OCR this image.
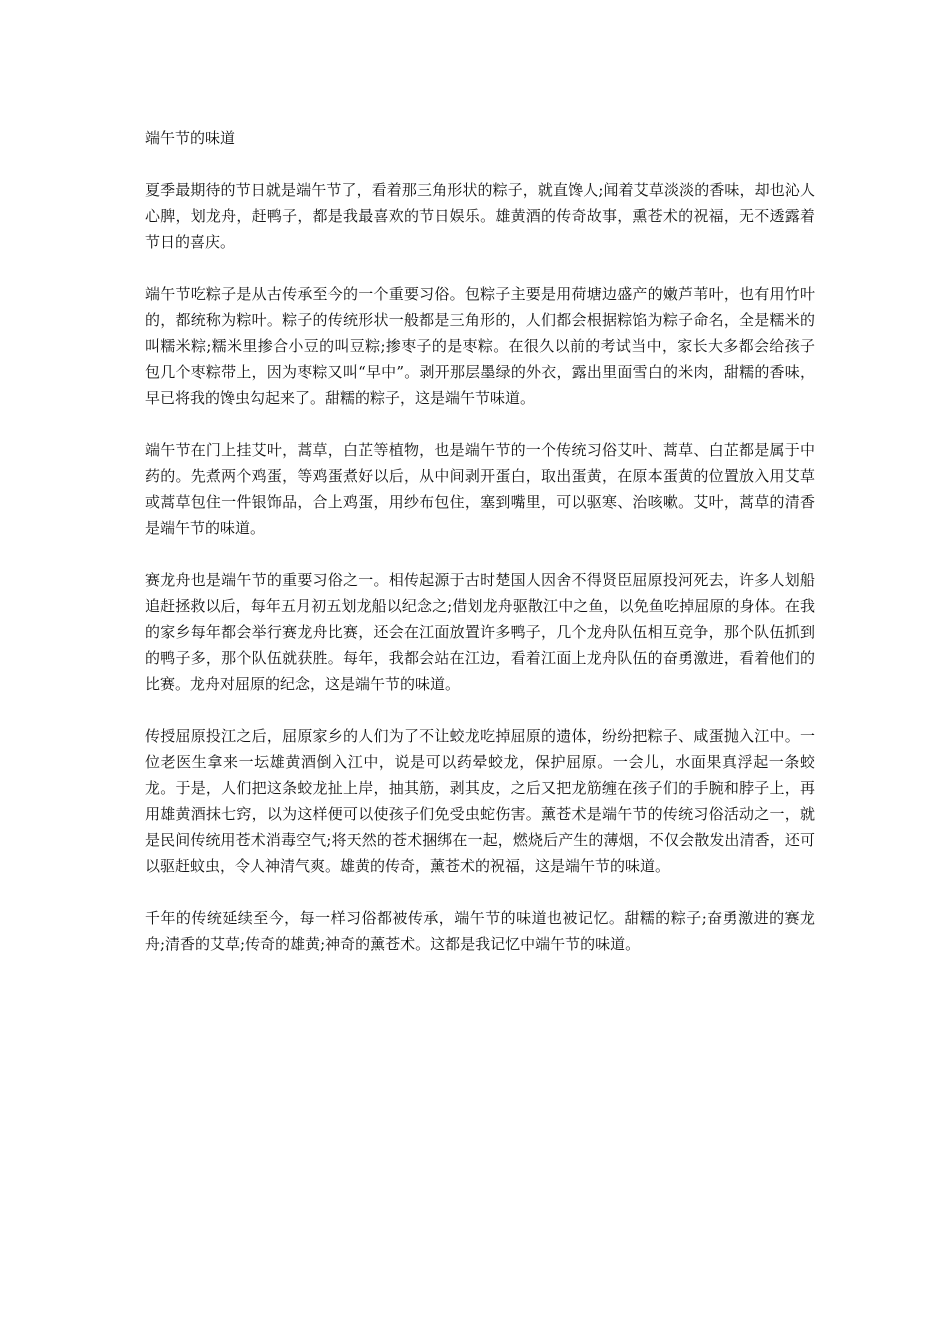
端午节的味道

夏季最期待的节日就是端午节了，看着那三角形状的粽子，就直馋人;闻着艾草淡淡的香味，却也沁人心脾，划龙舟，赶鸭子，都是我最喜欢的节日娱乐。雄黄酒的传奇故事，熏苍术的祝福，无不透露着节日的喜庆。

端午节吃粽子是从古传承至今的一个重要习俗。包粽子主要是用荷塘边盛产的嫩芦苇叶，也有用竹叶的，都统称为粽叶。粽子的传统形状一般都是三角形的，人们都会根据粽馅为粽子命名，全是糯米的叫糯米粽;糯米里掺合小豆的叫豆粽;掺枣子的是枣粽。在很久以前的考试当中，家长大多都会给孩子包几个枣粽带上，因为枣粽又叫“早中”。剥开那层墨绿的外衣，露出里面雪白的米肉，甜糯的香味，早已将我的馋虫勾起来了。甜糯的粽子，这是端午节味道。

端午节在门上挂艾叶，蒿草，白芷等植物，也是端午节的一个传统习俗艾叶、蒿草、白芷都是属于中药的。先煮两个鸡蛋，等鸡蛋煮好以后，从中间剥开蛋白，取出蛋黄，在原本蛋黄的位置放入用艾草或蒿草包住一件银饰品，合上鸡蛋，用纱布包住，塞到嘴里，可以驱寒、治咳嗽。艾叶，蒿草的清香是端午节的味道。

赛龙舟也是端午节的重要习俗之一。相传起源于古时楚国人因舍不得贤臣屈原投河死去，许多人划船追赶拯救以后，每年五月初五划龙船以纪念之;借划龙舟驱散江中之鱼，以免鱼吃掉屈原的身体。在我的家乡每年都会举行赛龙舟比赛，还会在江面放置许多鸭子，几个龙舟队伍相互竞争，那个队伍抓到的鸭子多，那个队伍就获胜。每年，我都会站在江边，看着江面上龙舟队伍的奋勇激进，看着他们的比赛。龙舟对屈原的纪念，这是端午节的味道。

传授屈原投江之后，屈原家乡的人们为了不让蛟龙吃掉屈原的遗体，纷纷把粽子、咸蛋抛入江中。一位老医生拿来一坛雄黄酒倒入江中，说是可以药晕蛟龙，保护屈原。一会儿，水面果真浮起一条蛟龙。于是，人们把这条蛟龙扯上岸，抽其筋，剥其皮，之后又把龙筋缠在孩子们的手腕和脖子上，再用雄黄酒抹七窍，以为这样便可以使孩子们免受虫蛇伤害。薰苍术是端午节的传统习俗活动之一，就是民间传统用苍术消毒空气;将天然的苍术捆绑在一起，燃烧后产生的薄烟，不仅会散发出清香，还可以驱赶蚊虫，令人神清气爽。雄黄的传奇，薰苍术的祝福，这是端午节的味道。

千年的传统延续至今，每一样习俗都被传承，端午节的味道也被记忆。甜糯的粽子;奋勇激进的赛龙舟;清香的艾草;传奇的雄黄;神奇的薰苍术。这都是我记忆中端午节的味道。
